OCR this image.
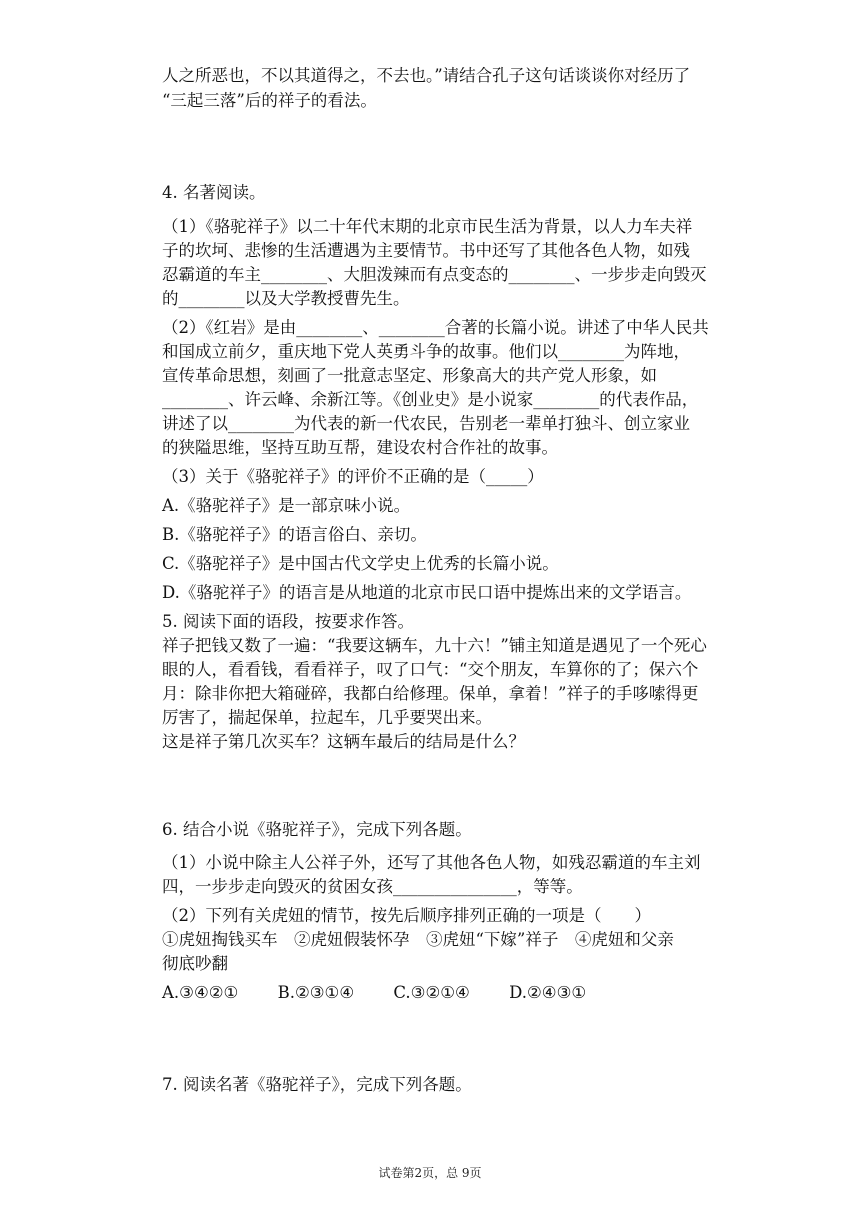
人之所恶也，不以其道得之，不去也。”请结合孔子这句话谈谈你对经历了
“三起三落”后的祥子的看法。
4. 名著阅读。
（1）《骆驼祥子》以二十年代末期的北京市民生活为背景，以人力车夫祥
子的坎坷、悲惨的生活遭遇为主要情节。书中还写了其他各色人物，如残
忍霸道的车主________、大胆泼辣而有点变态的________、一步步走向毁灭
的________以及大学教授曹先生。
（2）《红岩》是由________、________合著的长篇小说。讲述了中华人民共
和国成立前夕，重庆地下党人英勇斗争的故事。他们以________为阵地，
宣传革命思想，刻画了一批意志坚定、形象高大的共产党人形象，如
________、许云峰、余新江等。《创业史》是小说家________的代表作品，
讲述了以________为代表的新一代农民，告别老一辈单打独斗、创立家业
的狭隘思维，坚持互助互帮，建设农村合作社的故事。
（3）关于《骆驼祥子》的评价不正确的是（_____）
A.《骆驼祥子》是一部京味小说。
B.《骆驼祥子》的语言俗白、亲切。
C.《骆驼祥子》是中国古代文学史上优秀的长篇小说。
D.《骆驼祥子》的语言是从地道的北京市民口语中提炼出来的文学语言。
5. 阅读下面的语段，按要求作答。
祥子把钱又数了一遍：“我要这辆车，九十六！”铺主知道是遇见了一个死心
眼的人，看看钱，看看祥子，叹了口气：“交个朋友，车算你的了；保六个
月：除非你把大箱碰碎，我都白给修理。保单，拿着！”祥子的手哆嗦得更
厉害了，揣起保单，拉起车，几乎要哭出来。
这是祥子第几次买车？这辆车最后的结局是什么？
6. 结合小说《骆驼祥子》，完成下列各题。
（1）小说中除主人公祥子外，还写了其他各色人物，如残忍霸道的车主刘
四，一步步走向毁灭的贫困女孩_______________，等等。
（2）下列有关虎妞的情节，按先后顺序排列正确的一项是（　　）
①虎妞掏钱买车　②虎妞假装怀孕　③虎妞“下嫁”祥子　④虎妞和父亲
彻底吵翻
7. 阅读名著《骆驼祥子》，完成下列各题。
A.③④②① B.②③①④ C.③②①④ D.②④③①
试卷第2页，总 9页
